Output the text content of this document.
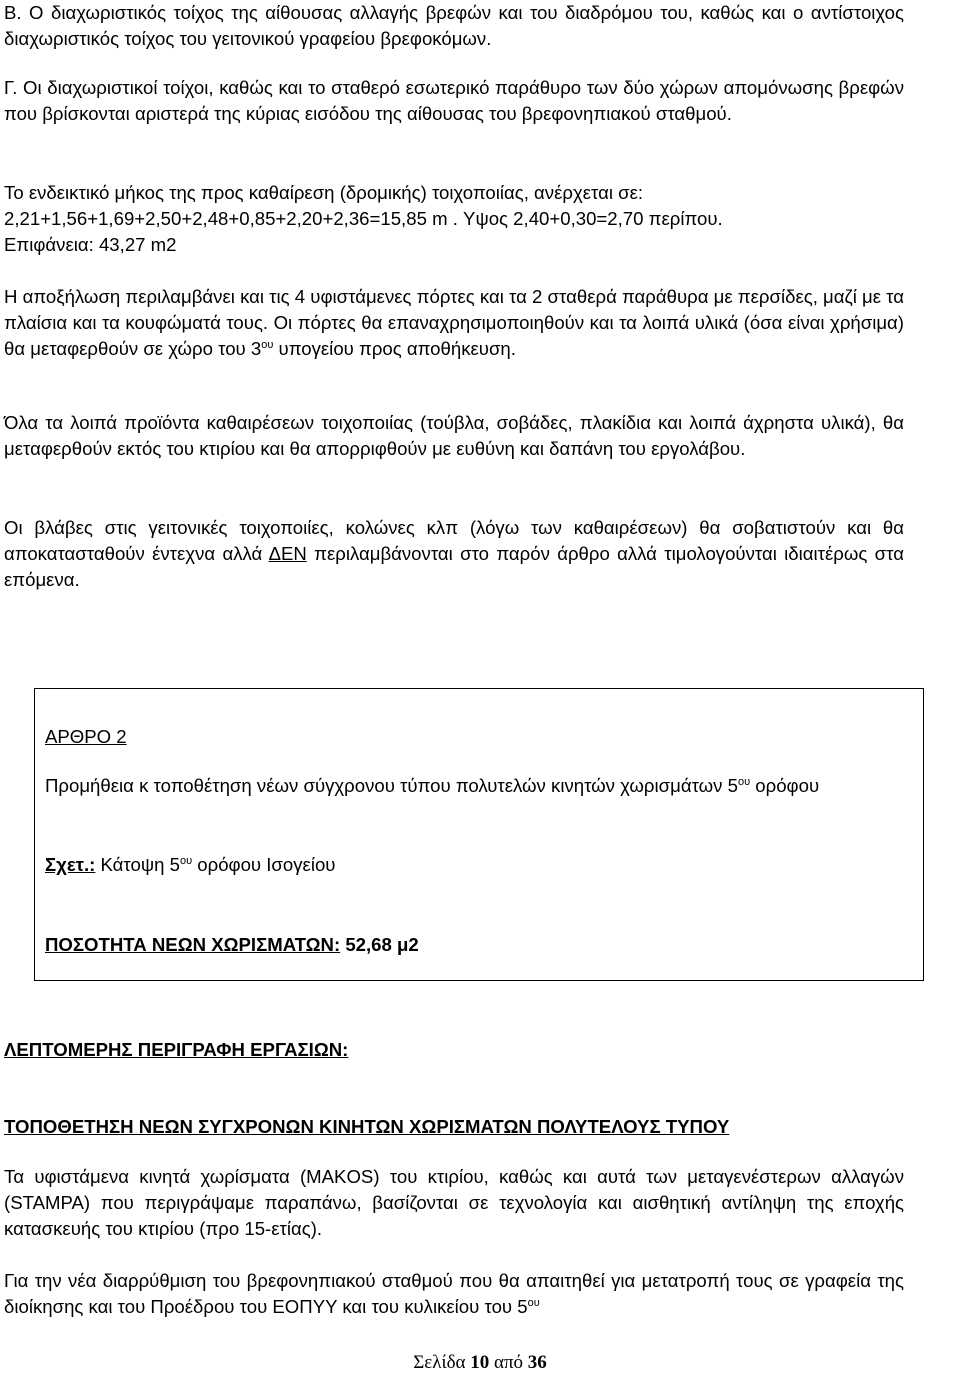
Β. Ο διαχωριστικός τοίχος της αίθουσας αλλαγής βρεφών και του διαδρόμου του, καθώς και ο αντίστοιχος διαχωριστικός τοίχος του γειτονικού γραφείου βρεφοκόμων.

Γ. Οι διαχωριστικοί τοίχοι, καθώς και το σταθερό εσωτερικό παράθυρο των δύο χώρων απομόνωσης βρεφών που βρίσκονται αριστερά της κύριας εισόδου της αίθουσας του βρεφονηπιακού σταθμού.

Το ενδεικτικό μήκος της προς καθαίρεση (δρομικής) τοιχοποιίας, ανέρχεται σε:
2,21+1,56+1,69+2,50+2,48+0,85+2,20+2,36=15,85 m . Υψος 2,40+0,30=2,70 περίπου.
Επιφάνεια: 43,27 m2

Η αποξήλωση περιλαμβάνει και τις 4 υφιστάμενες πόρτες και τα 2 σταθερά παράθυρα με περσίδες, μαζί με τα πλαίσια και τα κουφώματά τους. Οι πόρτες θα επαναχρησιμοποιηθούν και τα λοιπά υλικά (όσα είναι χρήσιμα) θα μεταφερθούν σε χώρο του $3^{o\upsilon}$ υπογείου προς αποθήκευση.

Όλα τα λοιπά προϊόντα καθαιρέσεων τοιχοποιίας (τούβλα, σοβάδες, πλακίδια και λοιπά άχρηστα υλικά), θα μεταφερθούν εκτός του κτιρίου και θα απορριφθούν με ευθύνη και δαπάνη του εργολάβου.

Οι βλάβες στις γειτονικές τοιχοποιίες, κολώνες κλπ (λόγω των καθαιρέσεων) θα σοβατιστούν και θα αποκατασταθούν έντεχνα αλλά ΔΕΝ περιλαμβάνονται στο παρόν άρθρο αλλά τιμολογούνται ιδιαιτέρως στα επόμενα.

ΑΡΘΡΟ 2
Προμήθεια κ τοποθέτηση νέων σύγχρονου τύπου πολυτελών κινητών χωρισμάτων $5^{o\upsilon}$ ορόφου
Σχετ.: Κάτοψη $5^{o\upsilon}$ ορόφου Ισογείου
ΠΟΣΟΤΗΤΑ ΝΕΩΝ ΧΩΡΙΣΜΑΤΩΝ: 52,68 μ2
ΛΕΠΤΟΜΕΡΗΣ ΠΕΡΙΓΡΑΦΗ ΕΡΓΑΣΙΩΝ:
ΤΟΠΟΘΕΤΗΣΗ ΝΕΩΝ ΣΥΓΧΡΟΝΩΝ ΚΙΝΗΤΩΝ ΧΩΡΙΣΜΑΤΩΝ ΠΟΛΥΤΕΛΟΥΣ ΤΥΠΟΥ

Τα υφιστάμενα κινητά χωρίσματα (MAKOS) του κτιρίου, καθώς και αυτά των μεταγενέστερων αλλαγών (STAMPA) που περιγράψαμε παραπάνω, βασίζονται σε τεχνολογία και αισθητική αντίληψη της εποχής κατασκευής του κτιρίου (προ 15-ετίας).

Για την νέα διαρρύθμιση του βρεφονηπιακού σταθμού που θα απαιτηθεί για μετατροπή τους σε γραφεία της διοίκησης και του Προέδρου του ΕΟΠΥΥ και του κυλικείου του $5^{o\upsilon}$

Σελίδα 10 από 36
